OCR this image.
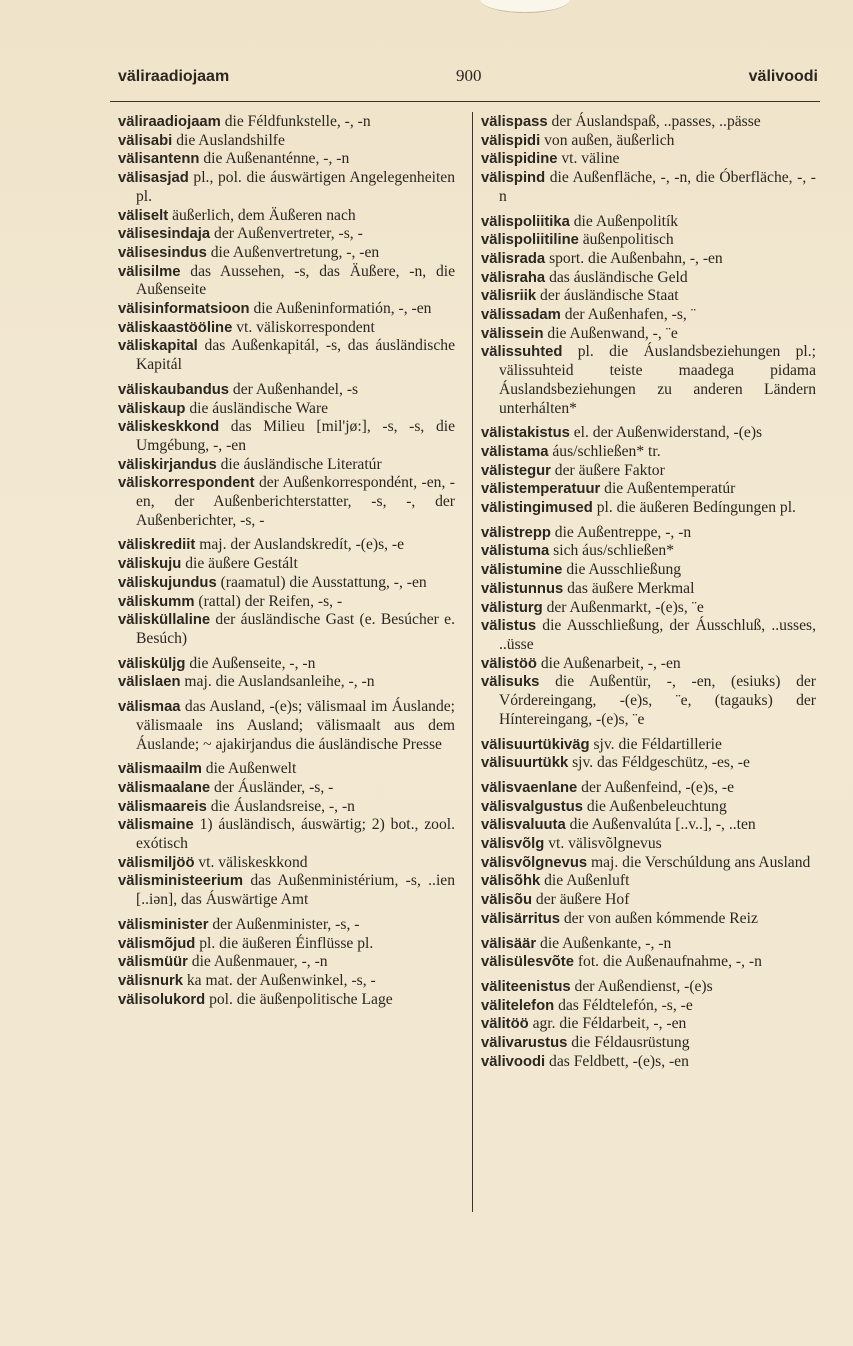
väliraadiojaam	900	välivoodi

väliraadiojaam die Féldfunkstelle, -, -n

välisabi die Auslandshilfe

välisantenn die Außenanténne, -, -n

välisasjad pl., pol. die áuswärtigen Angelegenheiten pl.

väliselt äußerlich, dem Äußeren nach

välisesindaja der Außenvertreter, -s, -

välisesindus die Außenvertretung, -, -en

välisilme das Aussehen, -s, das Äußere, -n, die Außenseite

välisinformatsioon die Außeninformatión, -, -en

väliskaastööline vt. väliskorrespondent

väliskapital das Außenkapitál, -s, das áusländische Kapitál

väliskaubandus der Außenhandel, -s

väliskaup die áusländische Ware

väliskeskkond das Milieu [mil'jø:], -s, -s, die Umgébung, -, -en

väliskirjandus die áusländische Literatúr

väliskorrespondent der Außenkorrespondént, -en, -en, der Außenberichterstatter, -s, -, der Außenberichter, -s, -

väliskrediit maj. der Auslandskredít, -(e)s, -e

väliskuju die äußere Gestált

väliskujundus (raamatul) die Ausstattung, -, -en

väliskumm (rattal) der Reifen, -s, -

välisküllaline der áusländische Gast (e. Besúcher e. Besúch)

välisküljg die Außenseite, -, -n

välislaen maj. die Auslandsanleihe, -, -n

välismaa das Ausland, -(e)s; välismaal im Áuslande; välismaale ins Ausland; välismaalt aus dem Áuslande; ~ ajakirjandus die áusländische Presse

välismaailm die Außenwelt

välismaalane der Áusländer, -s, -

välismaareis die Áuslandsreise, -, -n

välismaine 1) áusländisch, áuswärtig; 2) bot., zool. exótisch

välismiljöö vt. väliskeskkond

välisministeerium das Außenministérium, -s, ..ien [..iən], das Áuswärtige Amt

välisminister der Außenminister, -s, -

välismõjud pl. die äußeren Éinflüsse pl.

välismüür die Außenmauer, -, -n

välisnurk ka mat. der Außenwinkel, -s, -

välisolukord pol. die äußenpolitische Lage

välispass der Áuslandspaß, ..passes, ..pässe

välispidi von außen, äußerlich

välispidine vt. väline

välispind die Außenfläche, -, -n, die Óberfläche, -, -n

välispoliitika die Außenpolitík

välispoliitiline äußenpolitisch

välisrada sport. die Außenbahn, -, -en

välisraha das áusländische Geld

välisriik der áusländische Staat

välissadam der Außenhafen, -s, ¨

välissein die Außenwand, -, ¨e

välissuhted pl. die Áuslandsbeziehungen pl.; välissuhteid teiste maadega pidama Áuslandsbeziehungen zu anderen Ländern unterhálten*

välistakistus el. der Außenwiderstand, -(e)s

välistama áus/schließen* tr.

välistegur der äußere Faktor

välistemperatuur die Außentemperatúr

välistingimused pl. die äußeren Bedíngungen pl.

välistrepp die Außentreppe, -, -n

välistuma sich áus/schließen*

välistumine die Ausschließung

välistunnus das äußere Merkmal

välisturg der Außenmarkt, -(e)s, ¨e

välistus die Ausschließung, der Áusschluß, ..usses, ..üsse

välistöö die Außenarbeit, -, -en

välisuks die Außentür, -, -en, (esiuks) der Vórdereingang, -(e)s, ¨e, (tagauks) der Híntereingang, -(e)s, ¨e

välisuurtükiväg sjv. die Féldartillerie

välisuurtükk sjv. das Féldgeschütz, -es, -e

välisvaenlane der Außenfeind, -(e)s, -e

välisvalgustus die Außenbeleuchtung

välisvaluuta die Außenvalúta [..v..], -, ..ten

välisvõlg vt. välisvõlgnevus

välisvõlgnevus maj. die Verschúldung ans Ausland

välisõhk die Außenluft

välisõu der äußere Hof

välisärritus der von außen kómmende Reiz

välisäär die Außenkante, -, -n

välisülesvõte fot. die Außenaufnahme, -, -n

väliteenistus der Außendienst, -(e)s

välitelefon das Féldtelefón, -s, -e

välitöö agr. die Féldarbeit, -, -en

välivarustus die Féldausrüstung

välivoodi das Feldbett, -(e)s, -en
